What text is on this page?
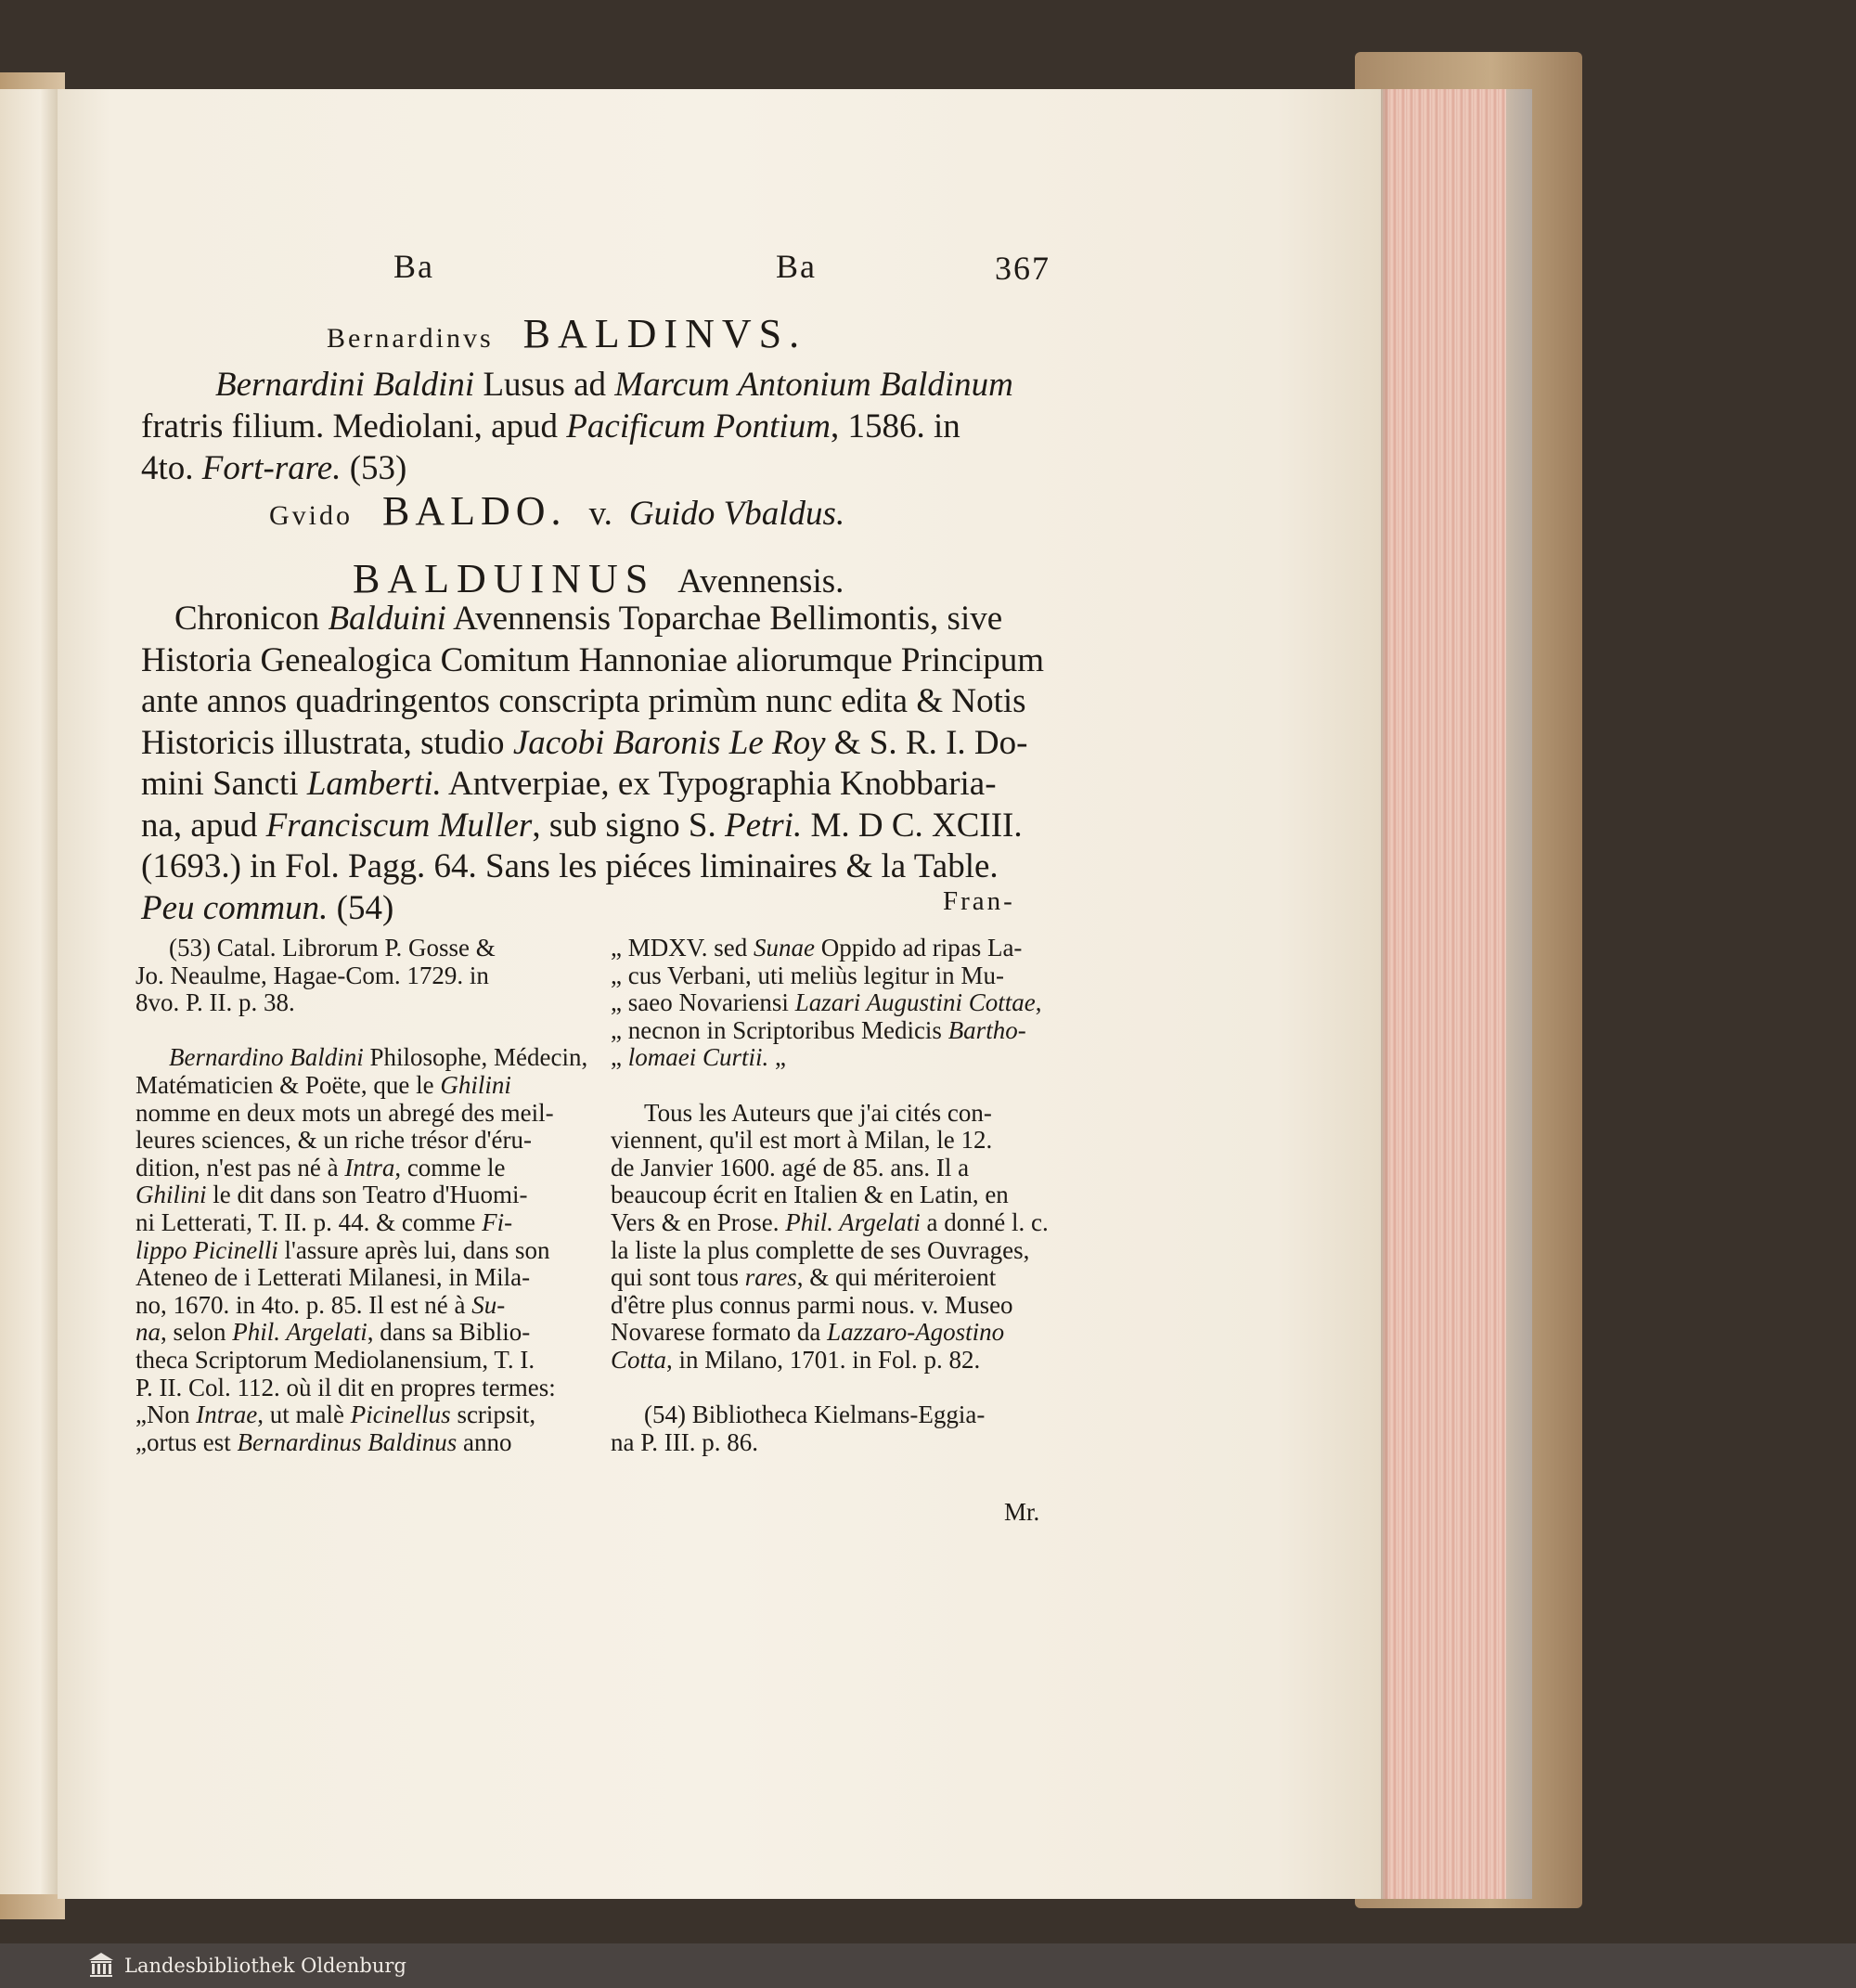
Ba	Ba	367
Bernardinvs BALDINVS.
Bernardini Baldini Lusus ad Marcum Antonium Baldinum
fratris filium. Mediolani, apud Pacificum Pontium, 1586. in
4to. Fort-rare. (53)
Gvido BALDO. v. Guido Vbaldus.
BALDUINUS Avennensis.
Chronicon Balduini Avennensis Toparchae Bellimontis, sive
Historia Genealogica Comitum Hannoniae aliorumque Principum
ante annos quadringentos conscripta primùm nunc edita & Notis
Historicis illustrata, studio Jacobi Baronis Le Roy & S. R. I. Do-
mini Sancti Lamberti. Antverpiae, ex Typographia Knobbaria-
na, apud Franciscum Muller, sub signo S. Petri. M. D C. XCIII.
(1693.) in Fol. Pagg. 64. Sans les piéces liminaires & la Table.
Peu commun. (54)	Fran-
(53) Catal. Librorum P. Gosse &
Jo. Neaulme, Hagae-Com. 1729. in
8vo. P. II. p. 38.
Bernardino Baldini Philosophe, Médecin,
Matématicien & Poëte, que le Ghilini
nomme en deux mots un abregé des meil-
leures sciences, & un riche trésor d'éru-
dition, n'est pas né à Intra, comme le
Ghilini le dit dans son Teatro d'Huomi-
ni Letterati, T. II. p. 44. & comme Fi-
lippo Picinelli l'assure après lui, dans son
Ateneo de i Letterati Milanesi, in Mila-
no, 1670. in 4to. p. 85. Il est né à Su-
na, selon Phil. Argelati, dans sa Biblio-
theca Scriptorum Mediolanensium, T. I.
P. II. Col. 112. où il dit en propres termes:
„Non Intrae, ut malè Picinellus scripsit,
„ortus est Bernardinus Baldinus anno
„ MDXV. sed Sunae Oppido ad ripas La-
„ cus Verbani, uti meliùs legitur in Mu-
„ saeo Novariensi Lazari Augustini Cottae,
„ necnon in Scriptoribus Medicis Bartho-
„ lomaei Curtii. „
Tous les Auteurs que j'ai cités con-
viennent, qu'il est mort à Milan, le 12.
de Janvier 1600. agé de 85. ans. Il a
beaucoup écrit en Italien & en Latin, en
Vers & en Prose. Phil. Argelati a donné l. c.
la liste la plus complette de ses Ouvrages,
qui sont tous rares, & qui mériteroient
d'être plus connus parmi nous. v. Museo
Novarese formato da Lazzaro-Agostino
Cotta, in Milano, 1701. in Fol. p. 82.
(54) Bibliotheca Kielmans-Eggia-
na P. III. p. 86.
Mr.
Landesbibliothek Oldenburg
